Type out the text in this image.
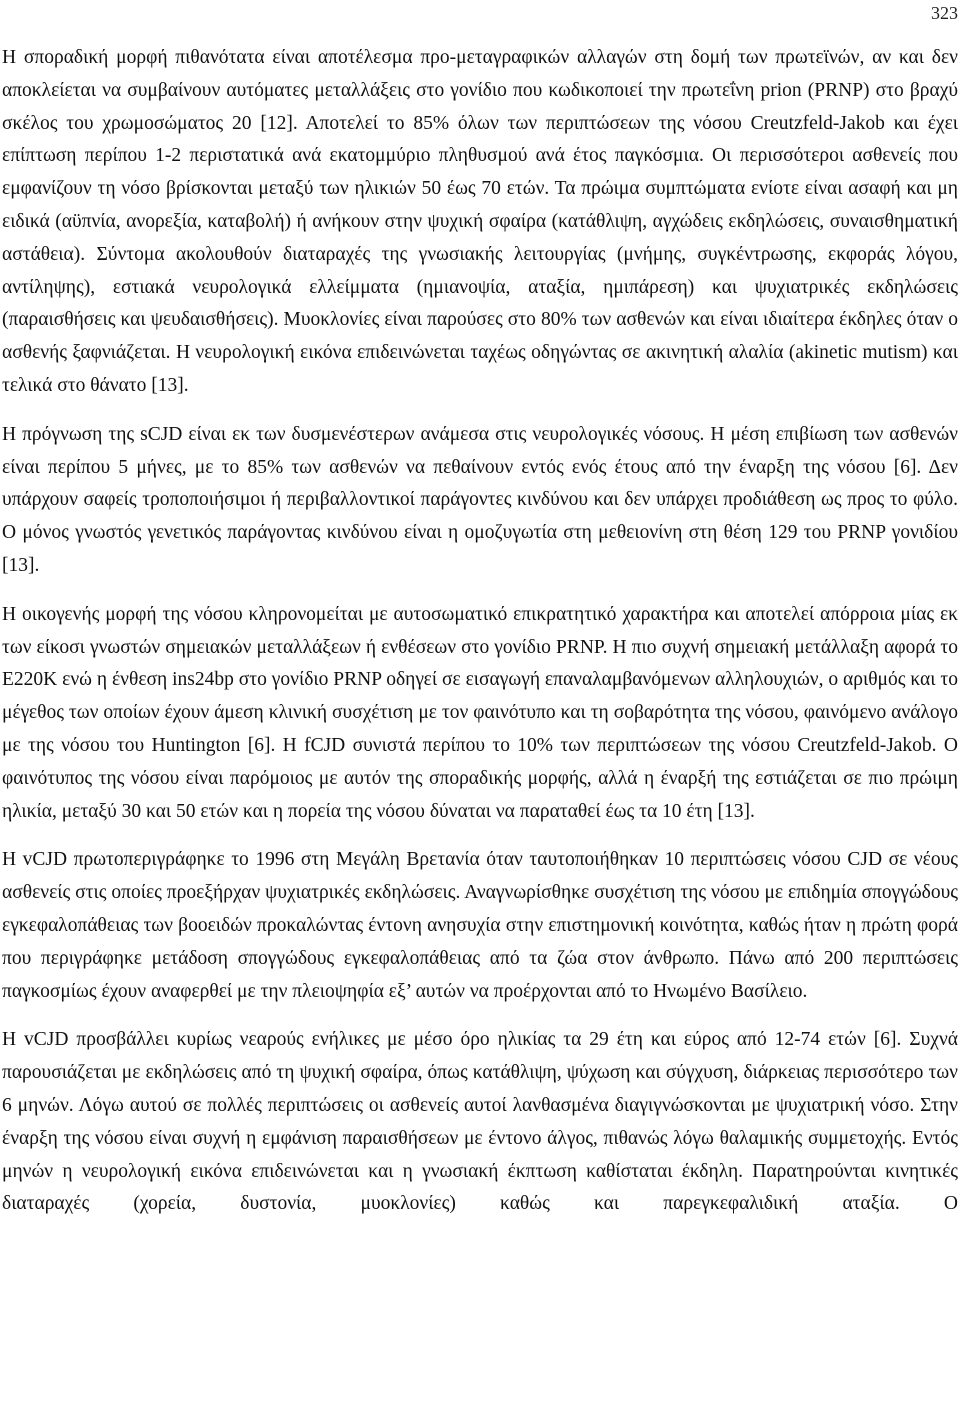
323

Η σποραδική μορφή πιθανότατα είναι αποτέλεσμα προ-μεταγραφικών αλλαγών στη δομή των πρωτεϊνών, αν και δεν αποκλείεται να συμβαίνουν αυτόματες μεταλλάξεις στο γονίδιο που κωδικοποιεί την πρωτεΐνη prion (PRNP) στο βραχύ σκέλος του χρωμοσώματος 20 [12]. Αποτελεί το 85% όλων των περιπτώσεων της νόσου Creutzfeld-Jakob και έχει επίπτωση περίπου 1-2 περιστατικά ανά εκατομμύριο πληθυσμού ανά έτος παγκόσμια. Οι περισσότεροι ασθενείς που εμφανίζουν τη νόσο βρίσκονται μεταξύ των ηλικιών 50 έως 70 ετών. Τα πρώιμα συμπτώματα ενίοτε είναι ασαφή και μη ειδικά (αϋπνία, ανορεξία, καταβολή) ή ανήκουν στην ψυχική σφαίρα (κατάθλιψη, αγχώδεις εκδηλώσεις, συναισθηματική αστάθεια). Σύντομα ακολουθούν διαταραχές της γνωσιακής λειτουργίας (μνήμης, συγκέντρωσης, εκφοράς λόγου, αντίληψης), εστιακά νευρολογικά ελλείμματα (ημιανοψία, αταξία, ημιπάρεση) και ψυχιατρικές εκδηλώσεις (παραισθήσεις και ψευδαισθήσεις). Μυοκλονίες είναι παρούσες στο 80% των ασθενών και είναι ιδιαίτερα έκδηλες όταν ο ασθενής ξαφνιάζεται. Η νευρολογική εικόνα επιδεινώνεται ταχέως οδηγώντας σε ακινητική αλαλία (akinetic mutism) και τελικά στο θάνατο [13].

Η πρόγνωση της sCJD είναι εκ των δυσμενέστερων ανάμεσα στις νευρολογικές νόσους. Η μέση επιβίωση των ασθενών είναι περίπου 5 μήνες, με το 85% των ασθενών να πεθαίνουν εντός ενός έτους από την έναρξη της νόσου [6]. Δεν υπάρχουν σαφείς τροποποιήσιμοι ή περιβαλλοντικοί παράγοντες κινδύνου και δεν υπάρχει προδιάθεση ως προς το φύλο. Ο μόνος γνωστός γενετικός παράγοντας κινδύνου είναι η ομοζυγωτία στη μεθειονίνη στη θέση 129 του PRNP γονιδίου [13].

Η οικογενής μορφή της νόσου κληρονομείται με αυτοσωματικό επικρατητικό χαρακτήρα και αποτελεί απόρροια μίας εκ των είκοσι γνωστών σημειακών μεταλλάξεων ή ενθέσεων στο γονίδιο PRNP. Η πιο συχνή σημειακή μετάλλαξη αφορά το E220K ενώ η ένθεση ins24bp στο γονίδιο PRNP οδηγεί σε εισαγωγή επαναλαμβανόμενων αλληλουχιών, ο αριθμός και το μέγεθος των οποίων έχουν άμεση κλινική συσχέτιση με τον φαινότυπο και τη σοβαρότητα της νόσου, φαινόμενο ανάλογο με της νόσου του Huntington [6]. Η fCJD συνιστά περίπου το 10% των περιπτώσεων της νόσου Creutzfeld-Jakob. Ο φαινότυπος της νόσου είναι παρόμοιος με αυτόν της σποραδικής μορφής, αλλά η έναρξή της εστιάζεται σε πιο πρώιμη ηλικία, μεταξύ 30 και 50 ετών και η πορεία της νόσου δύναται να παραταθεί έως τα 10 έτη [13].

Η vCJD πρωτοπεριγράφηκε το 1996 στη Μεγάλη Βρετανία όταν ταυτοποιήθηκαν 10 περιπτώσεις νόσου CJD σε νέους ασθενείς στις οποίες προεξήρχαν ψυχιατρικές εκδηλώσεις. Αναγνωρίσθηκε συσχέτιση της νόσου με επιδημία σπογγώδους εγκεφαλοπάθειας των βοοειδών προκαλώντας έντονη ανησυχία στην επιστημονική κοινότητα, καθώς ήταν η πρώτη φορά που περιγράφηκε μετάδοση σπογγώδους εγκεφαλοπάθειας από τα ζώα στον άνθρωπο. Πάνω από 200 περιπτώσεις παγκοσμίως έχουν αναφερθεί με την πλειοψηφία εξ’ αυτών να προέρχονται από το Ηνωμένο Βασίλειο.

Η vCJD προσβάλλει κυρίως νεαρούς ενήλικες με μέσο όρο ηλικίας τα 29 έτη και εύρος από 12-74 ετών [6]. Συχνά παρουσιάζεται με εκδηλώσεις από τη ψυχική σφαίρα, όπως κατάθλιψη, ψύχωση και σύγχυση, διάρκειας περισσότερο των 6 μηνών. Λόγω αυτού σε πολλές περιπτώσεις οι ασθενείς αυτοί λανθασμένα διαγιγνώσκονται με ψυχιατρική νόσο. Στην έναρξη της νόσου είναι συχνή η εμφάνιση παραισθήσεων με έντονο άλγος, πιθανώς λόγω θαλαμικής συμμετοχής. Εντός μηνών η νευρολογική εικόνα επιδεινώνεται και η γνωσιακή έκπτωση καθίσταται έκδηλη. Παρατηρούνται κινητικές διαταραχές (χορεία, δυστονία, μυοκλονίες) καθώς και παρεγκεφαλιδική αταξία. Ο
